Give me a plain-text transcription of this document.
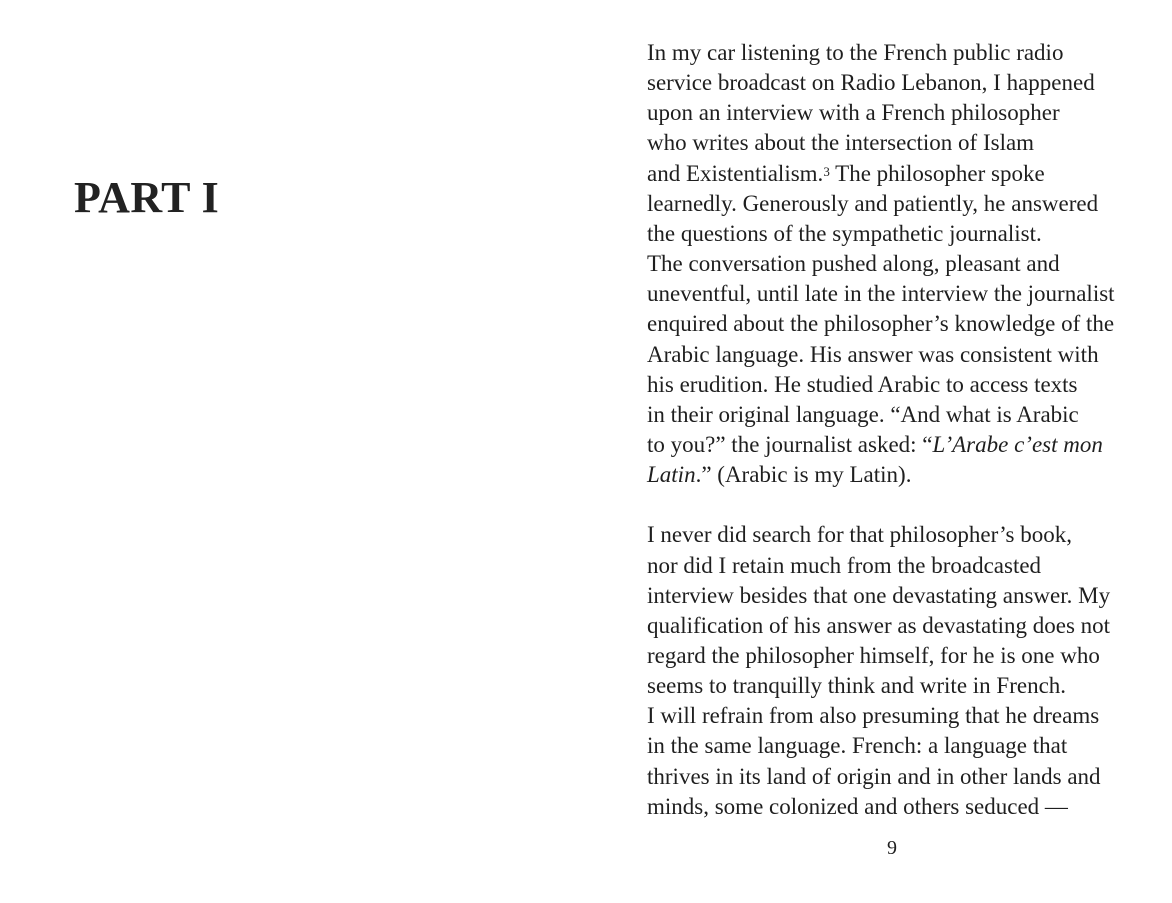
PART I

In my car listening to the French public radio
service broadcast on Radio Lebanon, I happened
upon an interview with a French philosopher
who writes about the intersection of Islam
and Existentialism.$^3$ The philosopher spoke
learnedly. Generously and patiently, he answered
the questions of the sympathetic journalist.
The conversation pushed along, pleasant and
uneventful, until late in the interview the journalist
enquired about the philosopher’s knowledge of the
Arabic language. His answer was consistent with
his erudition. He studied Arabic to access texts
in their original language. “And what is Arabic
to you?” the journalist asked: “L’Arabe c’est mon
Latin.” (Arabic is my Latin).

I never did search for that philosopher’s book,
nor did I retain much from the broadcasted
interview besides that one devastating answer. My
qualification of his answer as devastating does not
regard the philosopher himself, for he is one who
seems to tranquilly think and write in French.
I will refrain from also presuming that he dreams
in the same language. French: a language that
thrives in its land of origin and in other lands and
minds, some colonized and others seduced —

9
